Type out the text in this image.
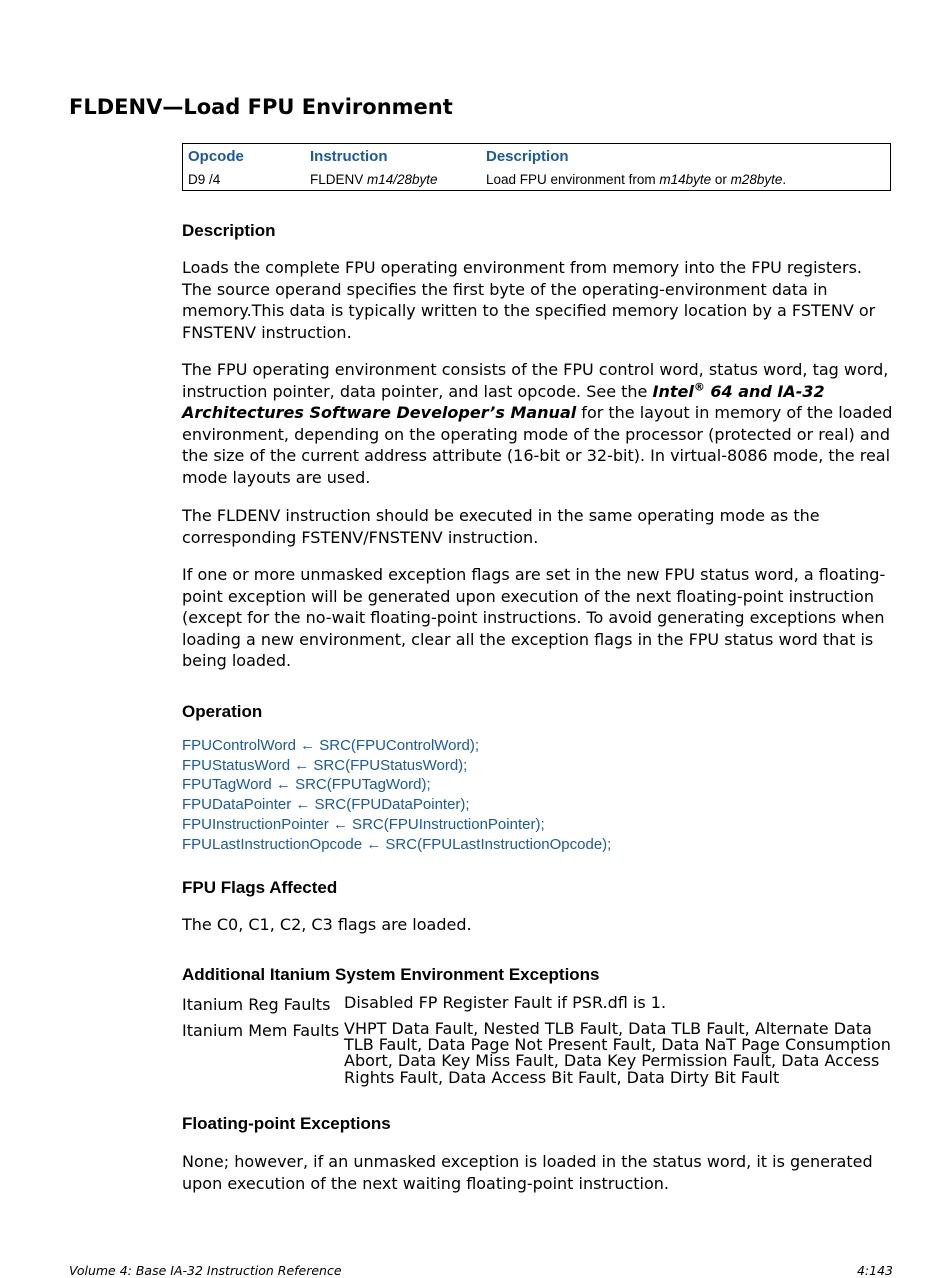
FLDENV—Load FPU Environment
Opcode	Instruction	Description
D9 /4	FLDENV m14/28byte	Load FPU environment from m14byte or m28byte.
Description

Loads the complete FPU operating environment from memory into the FPU registers. The source operand specifies the first byte of the operating-environment data in memory.This data is typically written to the specified memory location by a FSTENV or FNSTENV instruction.

The FPU operating environment consists of the FPU control word, status word, tag word, instruction pointer, data pointer, and last opcode. See the Intel® 64 and IA-32 Architectures Software Developer’s Manual for the layout in memory of the loaded environment, depending on the operating mode of the processor (protected or real) and the size of the current address attribute (16-bit or 32-bit). In virtual-8086 mode, the real mode layouts are used.

The FLDENV instruction should be executed in the same operating mode as the corresponding FSTENV/FNSTENV instruction.

If one or more unmasked exception flags are set in the new FPU status word, a floating-point exception will be generated upon execution of the next floating-point instruction (except for the no-wait floating-point instructions. To avoid generating exceptions when loading a new environment, clear all the exception flags in the FPU status word that is being loaded.

Operation
FPUControlWord ← SRC(FPUControlWord);
FPUStatusWord ← SRC(FPUStatusWord);
FPUTagWord ← SRC(FPUTagWord);
FPUDataPointer ← SRC(FPUDataPointer);
FPUInstructionPointer ← SRC(FPUInstructionPointer);
FPULastInstructionOpcode ← SRC(FPULastInstructionOpcode);
FPU Flags Affected

The C0, C1, C2, C3 flags are loaded.

Additional Itanium System Environment Exceptions
Itanium Reg Faults Disabled FP Register Fault if PSR.dfl is 1.
Itanium Mem Faults VHPT Data Fault, Nested TLB Fault, Data TLB Fault, Alternate Data TLB Fault, Data Page Not Present Fault, Data NaT Page Consumption Abort, Data Key Miss Fault, Data Key Permission Fault, Data Access Rights Fault, Data Access Bit Fault, Data Dirty Bit Fault
Floating-point Exceptions

None; however, if an unmasked exception is loaded in the status word, it is generated upon execution of the next waiting floating-point instruction.

Volume 4: Base IA-32 Instruction Reference	4:143
